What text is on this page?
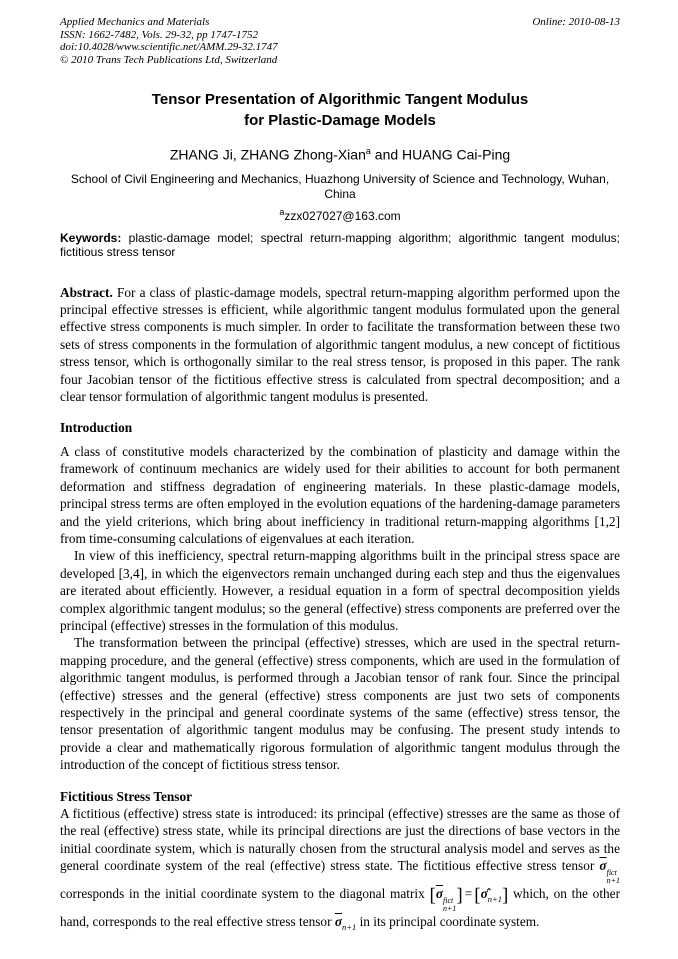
Applied Mechanics and Materials
ISSN: 1662-7482, Vols. 29-32, pp 1747-1752
doi:10.4028/www.scientific.net/AMM.29-32.1747
© 2010 Trans Tech Publications Ltd, Switzerland
Online: 2010-08-13
Tensor Presentation of Algorithmic Tangent Modulus
for Plastic-Damage Models
ZHANG Ji, ZHANG Zhong-Xian$^a$ and HUANG Cai-Ping
School of Civil Engineering and Mechanics, Huazhong University of Science and Technology, Wuhan, China
$^a$zzx027027@163.com
Keywords: plastic-damage model; spectral return-mapping algorithm; algorithmic tangent modulus; fictitious stress tensor

Abstract. For a class of plastic-damage models, spectral return-mapping algorithm performed upon the principal effective stresses is efficient, while algorithmic tangent modulus formulated upon the general effective stress components is much simpler. In order to facilitate the transformation between these two sets of stress components in the formulation of algorithmic tangent modulus, a new concept of fictitious stress tensor, which is orthogonally similar to the real stress tensor, is proposed in this paper. The rank four Jacobian tensor of the fictitious effective stress is calculated from spectral decomposition; and a clear tensor formulation of algorithmic tangent modulus is presented.

Introduction

A class of constitutive models characterized by the combination of plasticity and damage within the framework of continuum mechanics are widely used for their abilities to account for both permanent deformation and stiffness degradation of engineering materials. In these plastic-damage models, principal stress terms are often employed in the evolution equations of the hardening-damage parameters and the yield criterions, which bring about inefficiency in traditional return-mapping algorithms [1,2] from time-consuming calculations of eigenvalues at each iteration.

In view of this inefficiency, spectral return-mapping algorithms built in the principal stress space are developed [3,4], in which the eigenvectors remain unchanged during each step and thus the eigenvalues are iterated about efficiently. However, a residual equation in a form of spectral decomposition yields complex algorithmic tangent modulus; so the general (effective) stress components are preferred over the principal (effective) stresses in the formulation of this modulus.

The transformation between the principal (effective) stresses, which are used in the spectral return-mapping procedure, and the general (effective) stress components, which are used in the formulation of algorithmic tangent modulus, is performed through a Jacobian tensor of rank four. Since the principal (effective) stresses and the general (effective) stress components are just two sets of components respectively in the principal and general coordinate systems of the same (effective) stress tensor, the tensor presentation of algorithmic tangent modulus may be confusing. The present study intends to provide a clear and mathematically rigorous formulation of algorithmic tangent modulus through the introduction of the concept of fictitious stress tensor.

Fictitious Stress Tensor

A fictitious (effective) stress state is introduced: its principal (effective) stresses are the same as those of the real (effective) stress state, while its principal directions are just the directions of base vectors in the initial coordinate system, which is naturally chosen from the structural analysis model and serves as the general coordinate system of the real (effective) stress state. The fictitious effective stress tensor $\overline{\sigma}$ fict
n+1
corresponds in the initial coordinate system to the diagonal matrix [$\overline{\sigma}$ fict
n+1
] = $[\sigmâ_{n+1}]$ which, on the other hand, corresponds to the real effective stress tensor $\overline{\sigma}_{n+1}$ in its principal coordinate system.
